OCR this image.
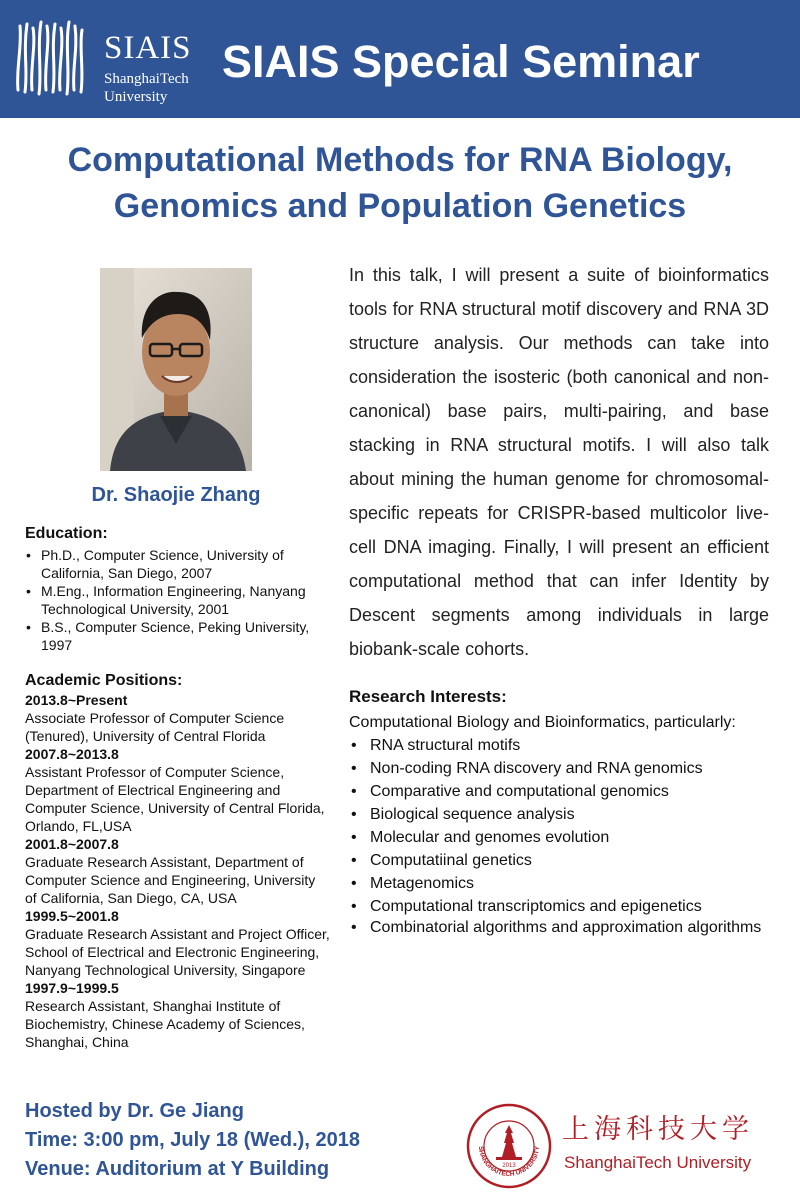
SIAIS
ShanghaiTech
University
SIAIS Special Seminar
Computational Methods for RNA Biology, Genomics and Population Genetics
Dr. Shaojie Zhang

In this talk, I will present a suite of bioinformatics tools for RNA structural motif discovery and RNA 3D structure analysis. Our methods can take into consideration the isosteric (both canonical and non-canonical) base pairs, multi-pairing, and base stacking in RNA structural motifs. I will also talk about mining the human genome for chromosomal-specific repeats for CRISPR-based multicolor live-cell DNA imaging. Finally, I will present an efficient computational method that can infer Identity by Descent segments among individuals in large biobank-scale cohorts.

Education:
• Ph.D., Computer Science, University of California, San Diego, 2007
• M.Eng., Information Engineering, Nanyang Technological University, 2001
• B.S., Computer Science, Peking University, 1997
Academic Positions:
2013.8~Present
Associate Professor of Computer Science (Tenured), University of Central Florida
2007.8~2013.8
Assistant Professor of Computer Science, Department of Electrical Engineering and Computer Science, University of Central Florida, Orlando, FL,USA
2001.8~2007.8
Graduate Research Assistant, Department of Computer Science and Engineering, University of California, San Diego, CA, USA
1999.5~2001.8
Graduate Research Assistant and Project Officer, School of Electrical and Electronic Engineering, Nanyang Technological University, Singapore
1997.9~1999.5
Research Assistant, Shanghai Institute of Biochemistry, Chinese Academy of Sciences, Shanghai, China
Research Interests:
Computational Biology and Bioinformatics, particularly:
• RNA structural motifs
• Non-coding RNA discovery and RNA genomics
• Comparative and computational genomics
• Biological sequence analysis
• Molecular and genomes evolution
• Computatiinal genetics
• Metagenomics
• Computational transcriptomics and epigenetics
• Combinatorial algorithms and approximation algorithms
Hosted by Dr. Ge Jiang
Time: 3:00 pm, July 18 (Wed.), 2018
Venue: Auditorium at Y Building
SHANGHAITECH UNIVERSITY
2013
上海科技大学
ShanghaiTech University
